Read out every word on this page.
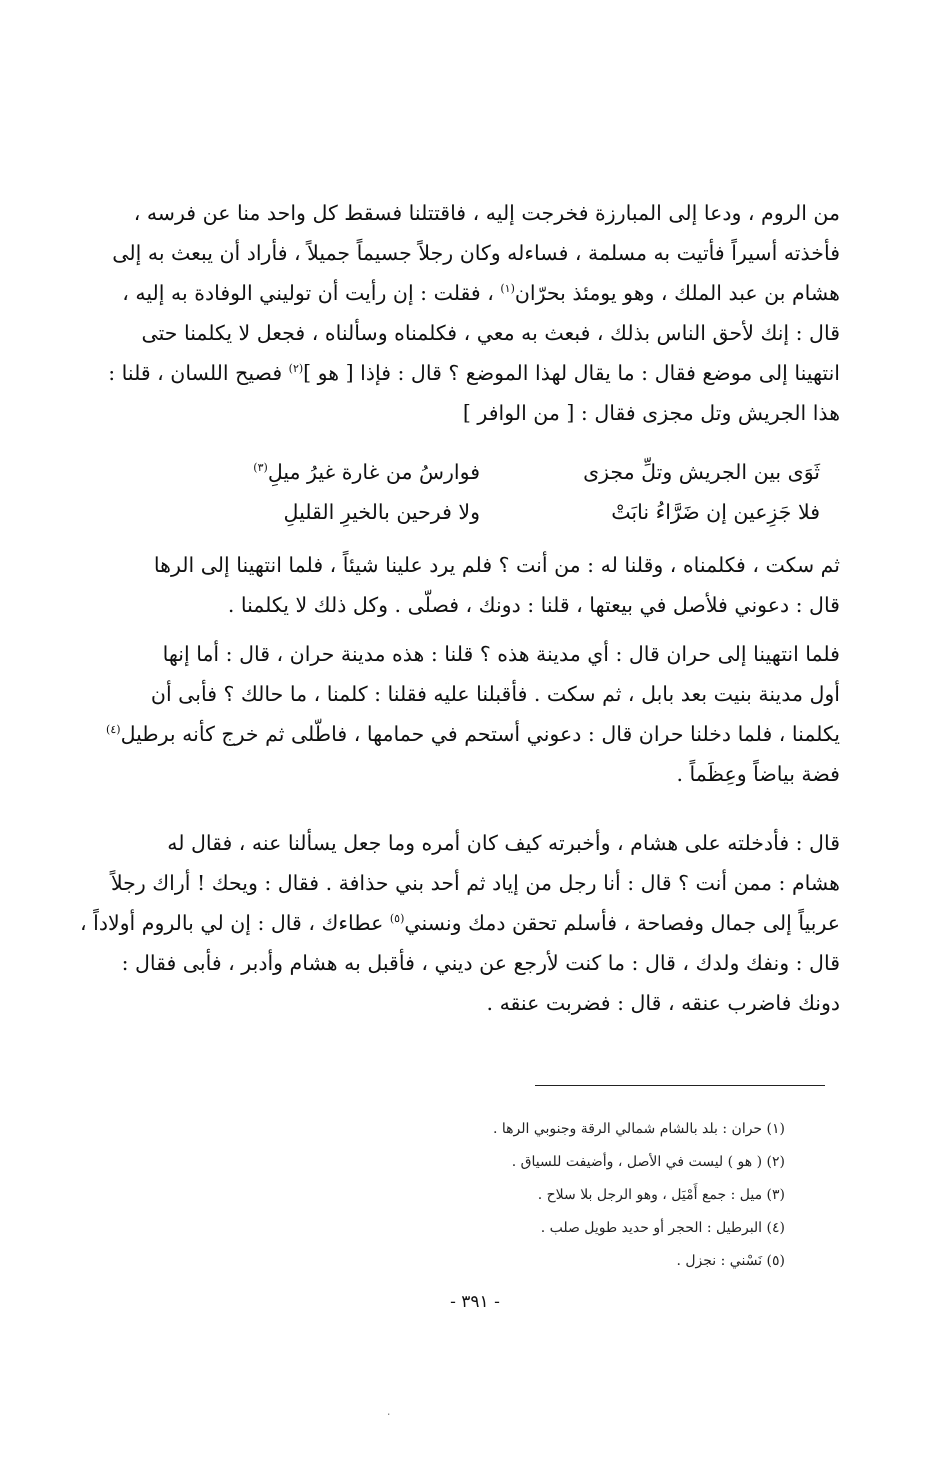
من الروم ، ودعا إلى المبارزة فخرجت إليه ، فاقتتلنا فسقط كل واحد منا عن فرسه ،
فأخذته أسيراً فأتيت به مسلمة ، فساءله وكان رجلاً جسيماً جميلاً ، فأراد أن يبعث به إلى
هشام بن عبد الملك ، وهو يومئذ بحرّان$^{(١)}$ ، فقلت : إن رأيت أن توليني الوفادة به إليه ،
قال : إنك لأحق الناس بذلك ، فبعث به معي ، فكلمناه وسألناه ، فجعل لا يكلمنا حتى
انتهينا إلى موضع فقال : ما يقال لهذا الموضع ؟ قال : فإذا [ هو ]$^{(٢)}$ فصيح اللسان ، قلنا :
هذا الجريش وتل مجزى فقال : [ من الوافر ]
ثَوَى بين الجريش وتلِّ مجزى
فوارسُ من غارة غيرُ ميلِ$^{(٣)}$
فلا جَزِعين إن ضَرَّاءُ نابَتْ
ولا فرحين بالخيرِ القليلِ
ثم سكت ، فكلمناه ، وقلنا له : من أنت ؟ فلم يرد علينا شيئاً ، فلما انتهينا إلى الرها
قال : دعوني فلأصل في بيعتها ، قلنا : دونك ، فصلّى . وكل ذلك لا يكلمنا .
فلما انتهينا إلى حران قال : أي مدينة هذه ؟ قلنا : هذه مدينة حران ، قال : أما إنها
أول مدينة بنيت بعد بابل ، ثم سكت . فأقبلنا عليه فقلنا : كلمنا ، ما حالك ؟ فأبى أن
يكلمنا ، فلما دخلنا حران قال : دعوني أستحم في حمامها ، فاطّلى ثم خرج كأنه برطيل$^{(٤)}$
فضة بياضاً وعِظَماً .
قال : فأدخلته على هشام ، وأخبرته كيف كان أمره وما جعل يسألنا عنه ، فقال له
هشام : ممن أنت ؟ قال : أنا رجل من إياد ثم أحد بني حذافة . فقال : ويحك ! أراك رجلاً
عربياً إلى جمال وفصاحة ، فأسلم تحقن دمك ونسني$^{(٥)}$ عطاءك ، قال : إن لي بالروم أولاداً ،
قال : ونفك ولدك ، قال : ما كنت لأرجع عن ديني ، فأقبل به هشام وأدبر ، فأبى فقال :
دونك فاضرب عنقه ، قال : فضربت عنقه .
(١) حران : بلد بالشام شمالي الرقة وجنوبي الرها .
(٢) ( هو ) ليست في الأصل ، وأضيفت للسياق .
(٣) ميل : جمع أَمْيَل ، وهو الرجل بلا سلاح .
(٤) البرطيل : الحجر أو حديد طويل صلب .
(٥) نَسْني : نجزل .
- ٣٩١ -
٠
